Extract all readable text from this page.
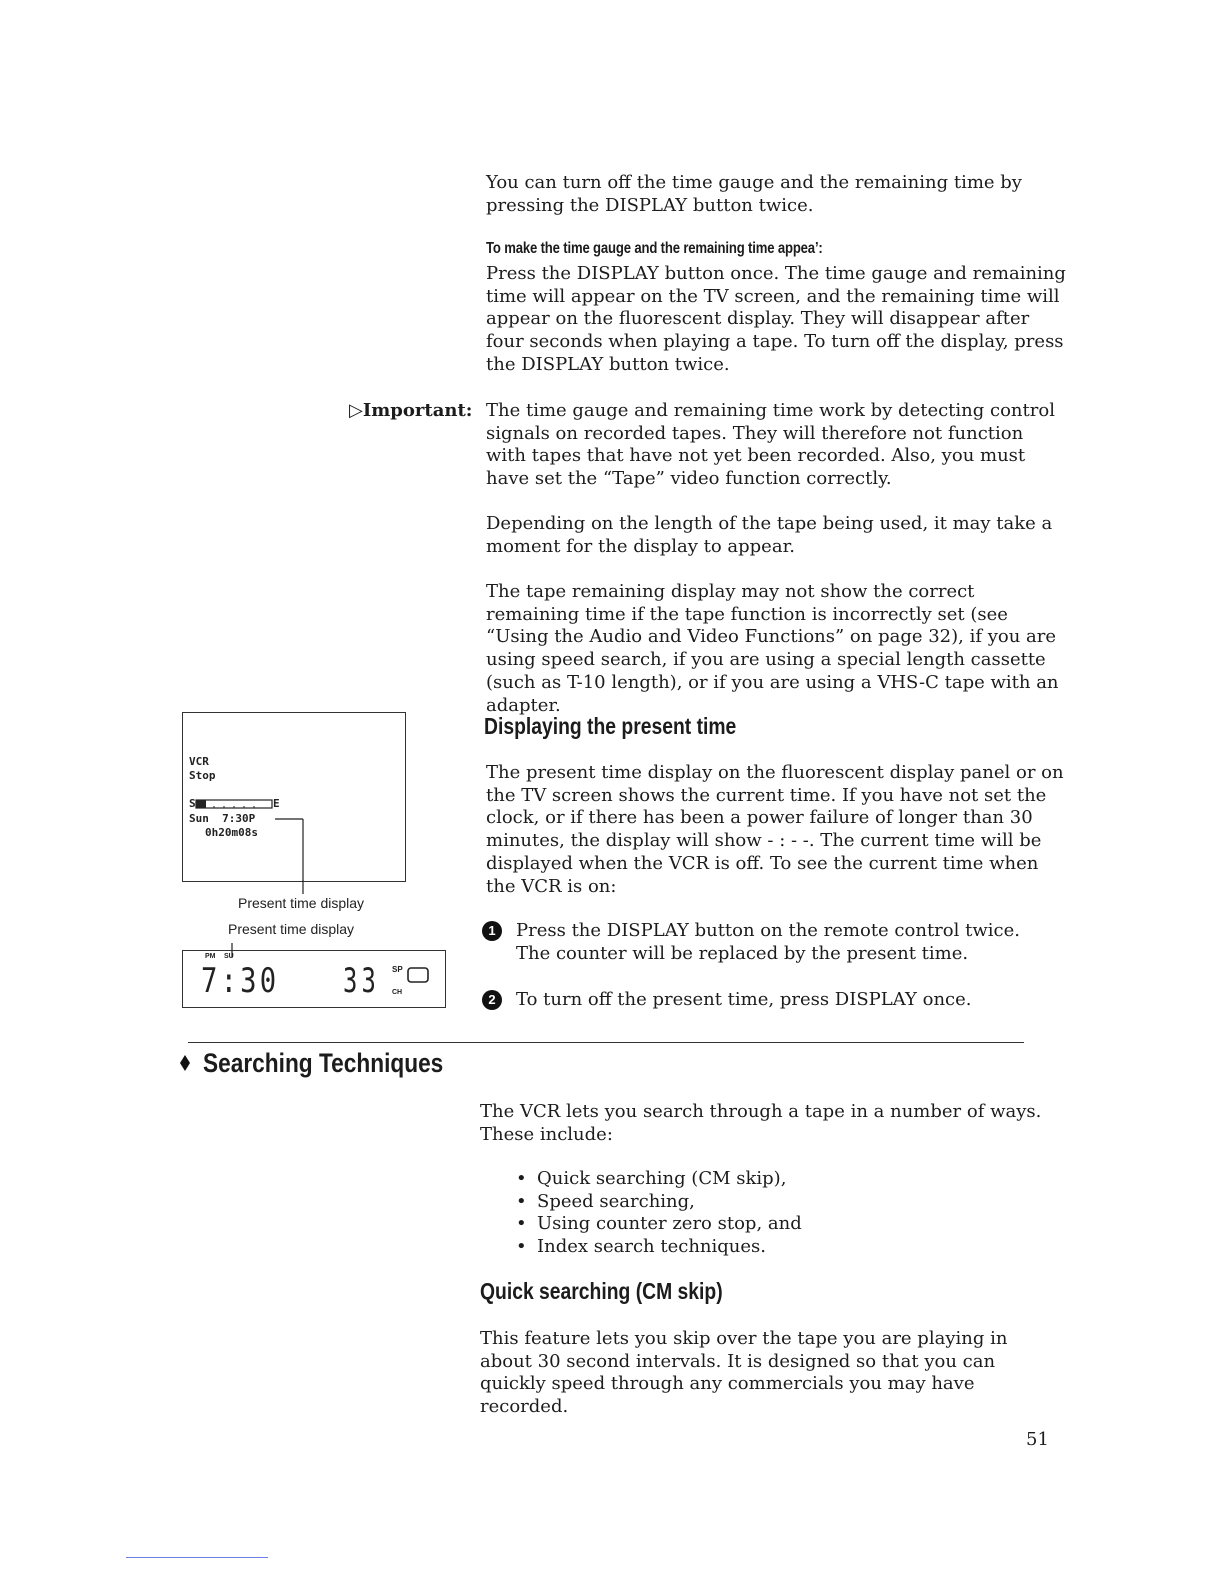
You can turn off the time gauge and the remaining time by pressing the DISPLAY button twice.

To make the time gauge and the remaining time appea’:

Press the DISPLAY button once. The time gauge and remaining time will appear on the TV screen, and the remaining time will appear on the fluorescent display. They will disappear after four seconds when playing a tape. To turn off the display, press the DISPLAY button twice.

▷Important: The time gauge and remaining time work by detecting control signals on recorded tapes. They will therefore not function with tapes that have not yet been recorded. Also, you must have set the “Tape” video function correctly.

Depending on the length of the tape being used, it may take a moment for the display to appear.

The tape remaining display may not show the correct remaining time if the tape function is incorrectly set (see “Using the Audio and Video Functions” on page 32), if you are using speed search, if you are using a special length cassette (such as T-10 length), or if you are using a VHS-C tape with an adapter.

Displaying the present time

The present time display on the fluorescent display panel or on the TV screen shows the current time. If you have not set the clock, or if there has been a power failure of longer than 30 minutes, the display will show - : - -. The current time will be displayed when the VCR is off. To see the current time when the VCR is on:

1	Press the DISPLAY button on the remote control twice. The counter will be replaced by the present time.

2	To turn off the present time, press DISPLAY once.

VCR
Stop
S	E
Sun  7:30P
0h20m08s
Present time display
Present time display
PM SU
7:30 33 SP
CH
Searching Techniques

The VCR lets you search through a tape in a number of ways. These include:

• Quick searching (CM skip),
• Speed searching,
• Using counter zero stop, and
• Index search techniques.
Quick searching (CM skip)

This feature lets you skip over the tape you are playing in about 30 second intervals. It is designed so that you can quickly speed through any commercials you may have recorded.

51
